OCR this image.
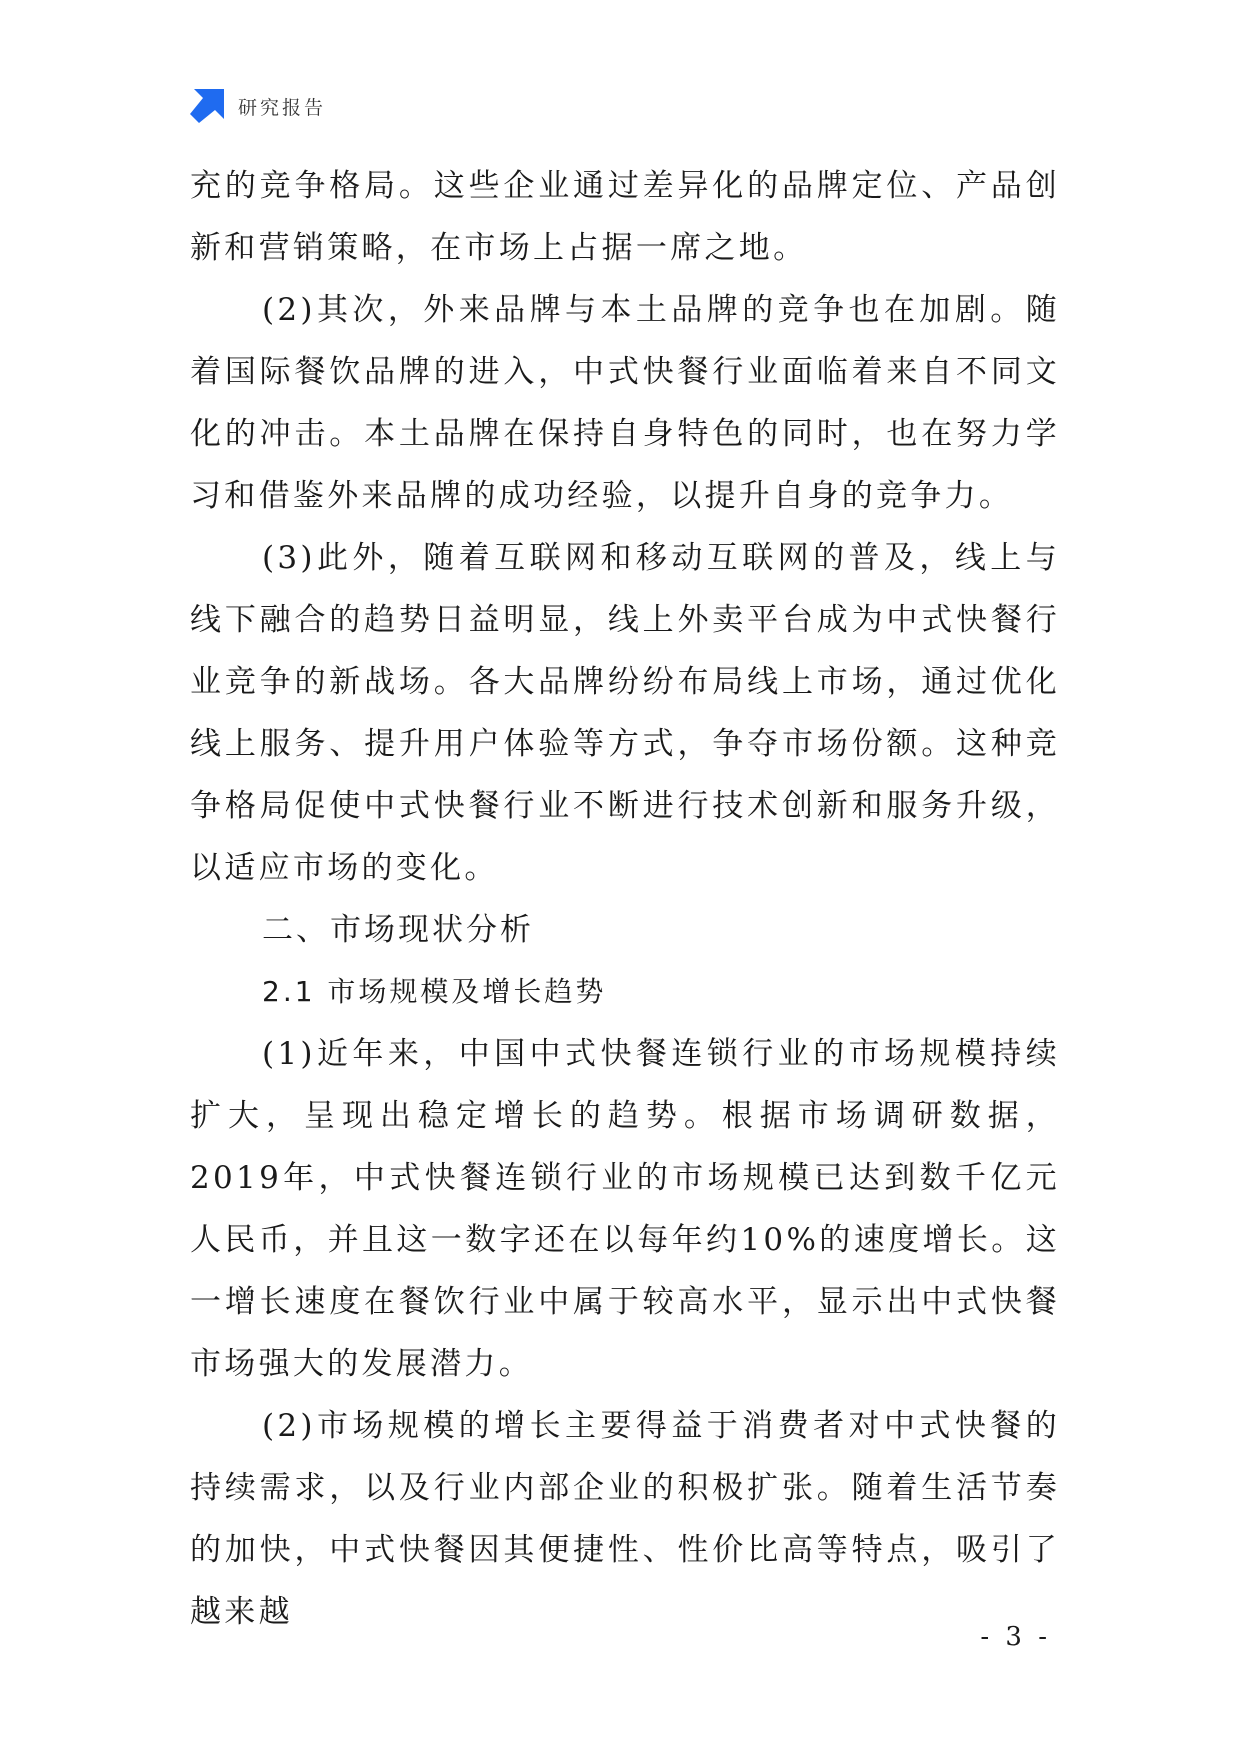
研究报告

充的竞争格局。这些企业通过差异化的品牌定位、产品创新和营销策略，在市场上占据一席之地。

(2)其次，外来品牌与本土品牌的竞争也在加剧。随着国际餐饮品牌的进入，中式快餐行业面临着来自不同文化的冲击。本土品牌在保持自身特色的同时，也在努力学习和借鉴外来品牌的成功经验，以提升自身的竞争力。

(3)此外，随着互联网和移动互联网的普及，线上与线下融合的趋势日益明显，线上外卖平台成为中式快餐行业竞争的新战场。各大品牌纷纷布局线上市场，通过优化线上服务、提升用户体验等方式，争夺市场份额。这种竞争格局促使中式快餐行业不断进行技术创新和服务升级，以适应市场的变化。

二、市场现状分析
2.1 市场规模及增长趋势

(1)近年来，中国中式快餐连锁行业的市场规模持续扩大，呈现出稳定增长的趋势。根据市场调研数据，2019年，中式快餐连锁行业的市场规模已达到数千亿元人民币，并且这一数字还在以每年约10%的速度增长。这一增长速度在餐饮行业中属于较高水平，显示出中式快餐市场强大的发展潜力。

(2)市场规模的增长主要得益于消费者对中式快餐的持续需求，以及行业内部企业的积极扩张。随着生活节奏的加快，中式快餐因其便捷性、性价比高等特点，吸引了越来越

- 3 -
